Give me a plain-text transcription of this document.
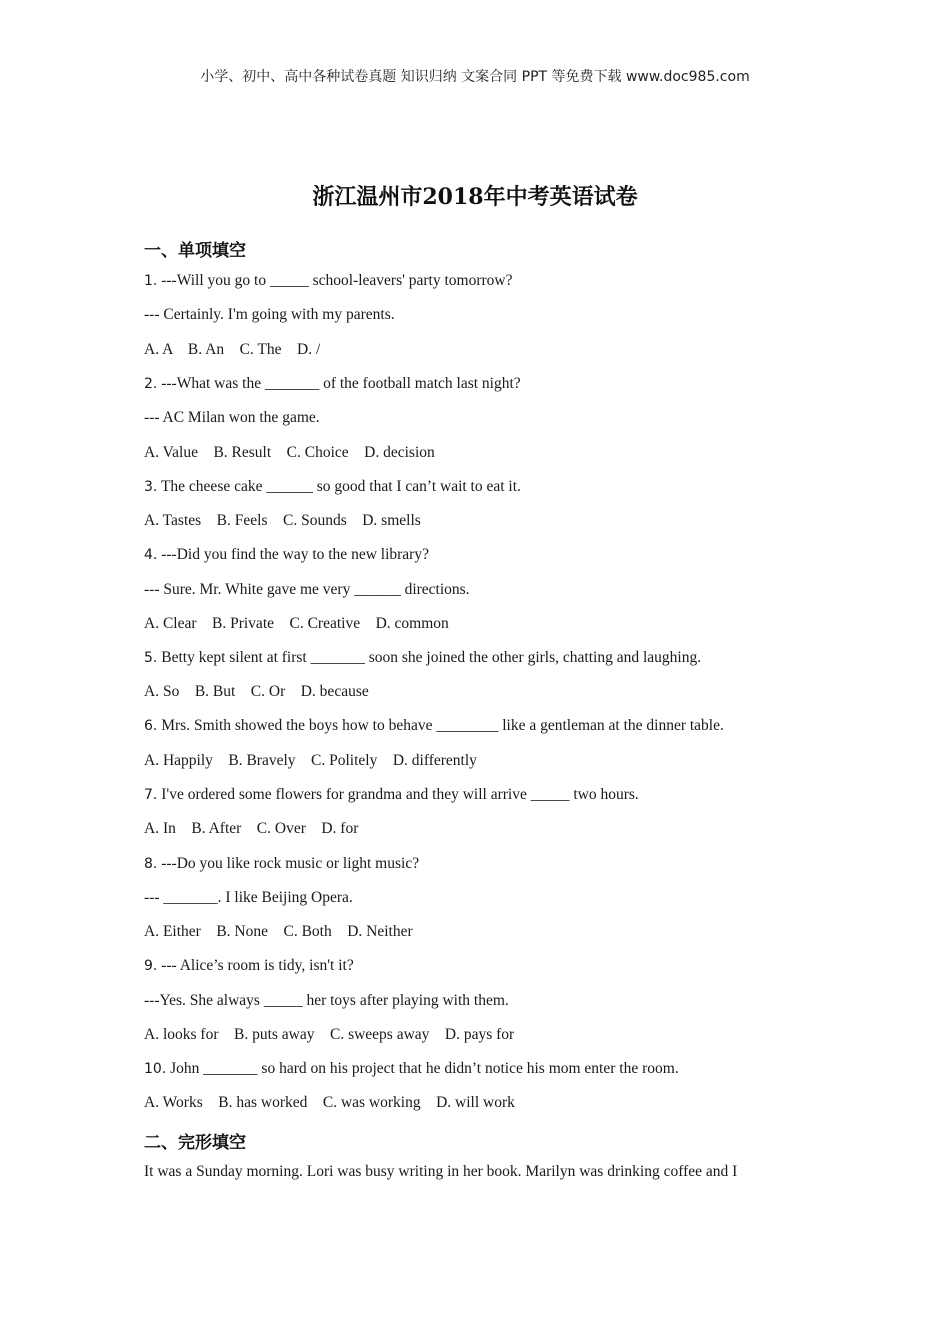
小学、初中、高中各种试卷真题 知识归纳 文案合同 PPT 等免费下载 www.doc985.com
浙江温州市2018年中考英语试卷
一、单项填空
1. ---Will you go to _____ school-leavers' party tomorrow?
--- Certainly. I'm going with my parents.
A. A    B. An    C. The    D. /
2. ---What was the _______ of the football match last night?
--- AC Milan won the game.
A. Value    B. Result    C. Choice    D. decision
3. The cheese cake ______ so good that I can’t wait to eat it.
A. Tastes    B. Feels    C. Sounds    D. smells
4. ---Did you find the way to the new library?
--- Sure. Mr. White gave me very ______ directions.
A. Clear    B. Private    C. Creative    D. common
5. Betty kept silent at first _______ soon she joined the other girls, chatting and laughing.
A. So    B. But    C. Or    D. because
6. Mrs. Smith showed the boys how to behave ________ like a gentleman at the dinner table.
A. Happily    B. Bravely    C. Politely    D. differently
7. I've ordered some flowers for grandma and they will arrive _____ two hours.
A. In    B. After    C. Over    D. for
8. ---Do you like rock music or light music?
--- _______. I like Beijing Opera.
A. Either    B. None    C. Both    D. Neither
9. --- Alice’s room is tidy, isn't it?
---Yes. She always _____ her toys after playing with them.
A. looks for    B. puts away    C. sweeps away    D. pays for
10. John _______ so hard on his project that he didn’t notice his mom enter the room.
A. Works    B. has worked    C. was working    D. will work
二、完形填空
It was a Sunday morning. Lori was busy writing in her book. Marilyn was drinking coffee and I
